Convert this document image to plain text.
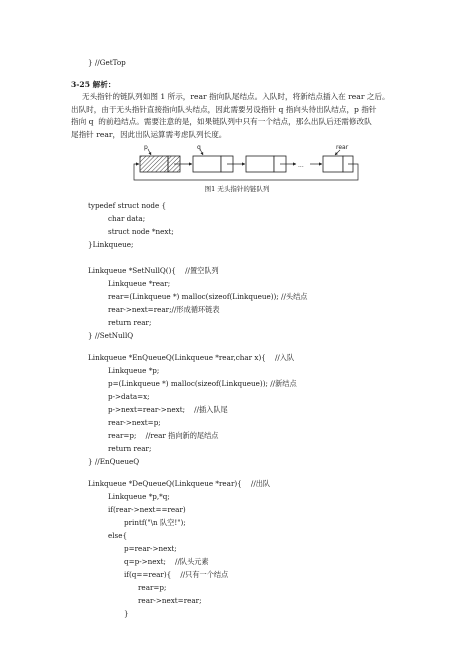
} //GetTop
3-25 解析：
无头指针的链队列如图 1 所示，rear 指向队尾结点。入队时，将新结点插入在 rear 之后。
出队时，由于无头指针直接指向队头结点，因此需要另设指针 q 指向头待出队结点，p 指针
指向 q  的前趋结点。需要注意的是，如果链队列中只有一个结点，那么出队后还需修改队
尾指针 rear，因此出队运算需考虑队列长度。
p	q	rear
...
图1 无头指针的链队列
typedef struct node {
char data;
struct node *next;
}Linkqueue;
Linkqueue *SetNullQ(){    //置空队列
Linkqueue *rear;
rear=(Linkqueue *) malloc(sizeof(Linkqueue)); //头结点
rear->next=rear;//形成循环链表
return rear;
} //SetNullQ
Linkqueue *EnQueueQ(Linkqueue *rear,char x){    //入队
Linkqueue *p;
p=(Linkqueue *) malloc(sizeof(Linkqueue)); //新结点
p->data=x;
p->next=rear->next;    //插入队尾
rear->next=p;
rear=p;    //rear 指向新的尾结点
return rear;
} //EnQueueQ
Linkqueue *DeQueueQ(Linkqueue *rear){    //出队
Linkqueue *p,*q;
if(rear->next==rear)
printf("\n 队空!");
else{
p=rear->next;
q=p->next;    //队头元素
if(q==rear){    //只有一个结点
rear=p;
rear->next=rear;
}
